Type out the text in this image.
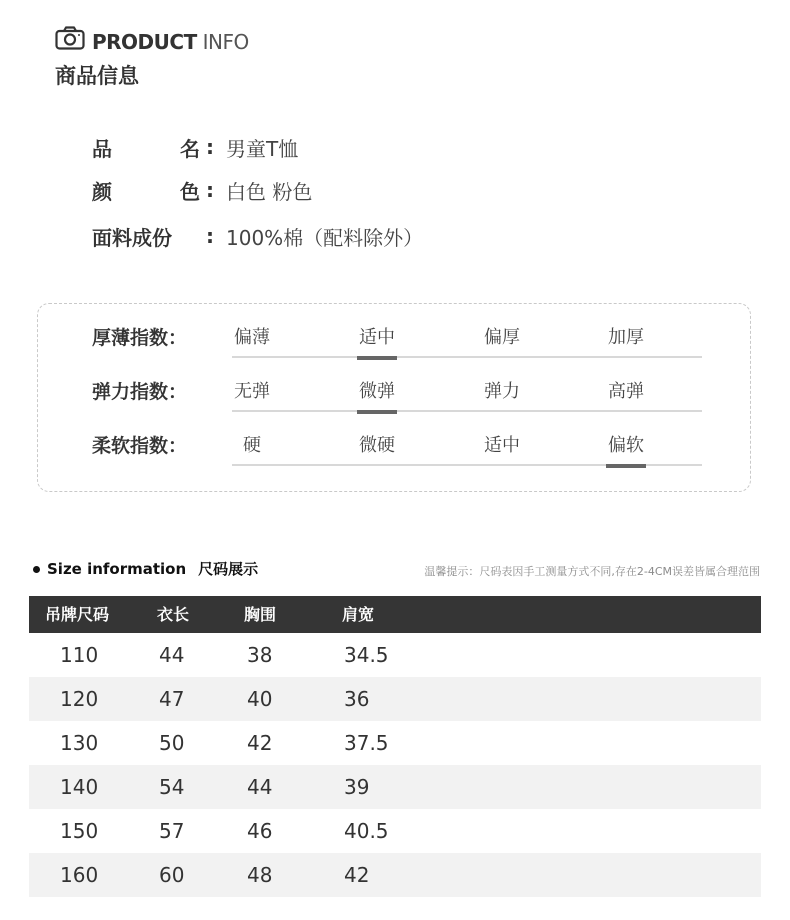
PRODUCT INFO
商品信息
品	名 : 男童T恤
颜	色 : 白色 粉色
面料成份 : 100%棉（配料除外）
厚薄指数：	偏薄	适中	偏厚	加厚
弹力指数：	无弹	微弹	弹力	高弹
柔软指数：	硬	微硬	适中	偏软
Size information 尺码展示	温馨提示：尺码表因手工测量方式不同,存在2-4CM误差皆属合理范围
吊牌尺码	衣长	胸围	肩宽
110	44	38	34.5
120	47	40	36
130	50	42	37.5
140	54	44	39
150	57	46	40.5
160	60	48	42
